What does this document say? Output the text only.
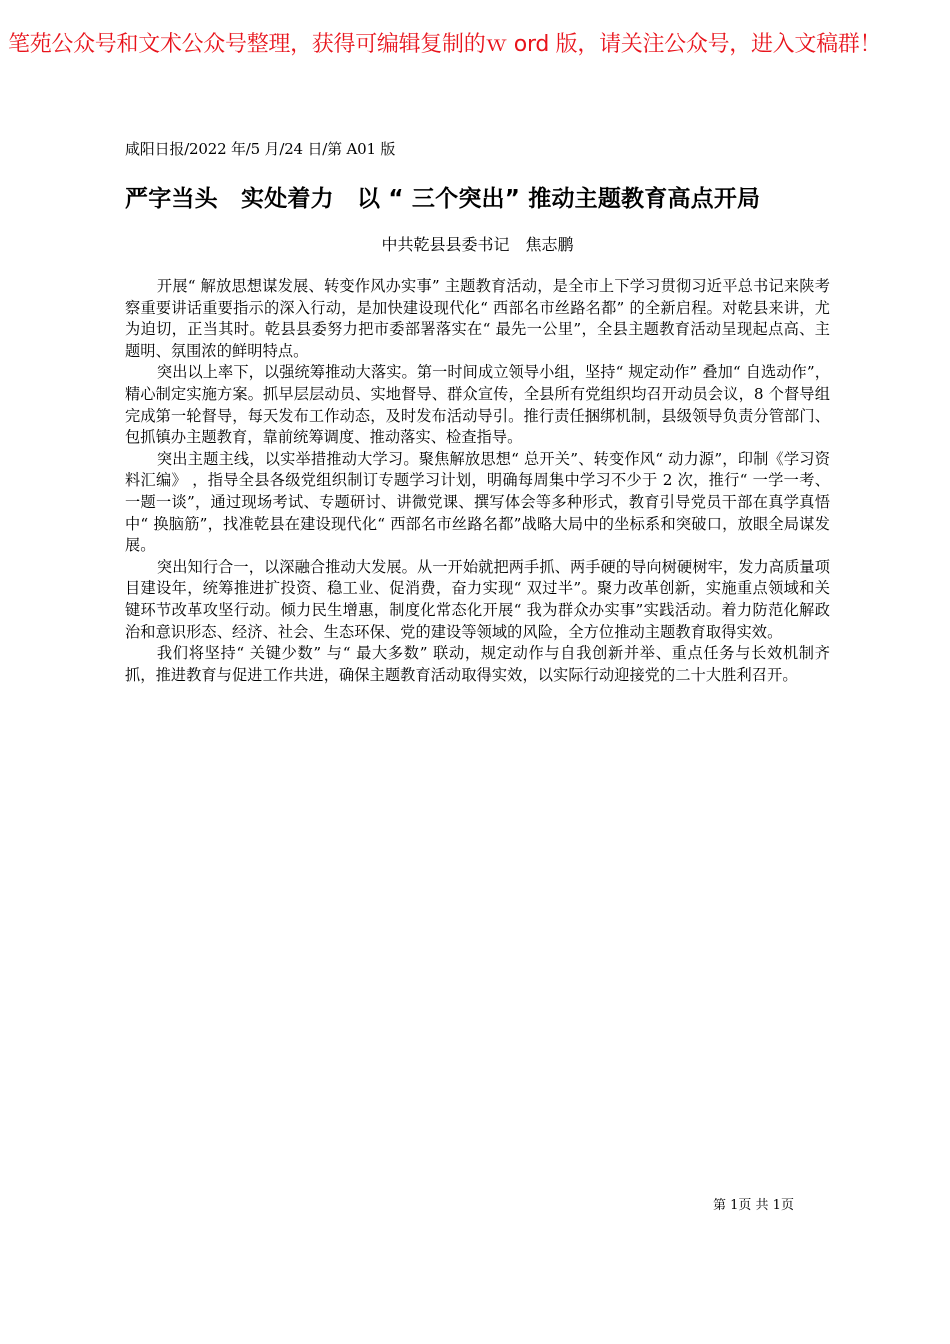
笔苑公众号和文术公众号整理，获得可编辑复制的ｗ ord 版，请关注公众号，进入文稿群！

咸阳日报/2022 年/5 月/24 日/第 A01 版

严字当头　实处着力　以 “ 三个突出” 推动主题教育高点开局

中共乾县县委书记　焦志鹏

开展“ 解放思想谋发展、转变作风办实事” 主题教育活动，是全市上下学习贯彻习近平总书记来陕考察重要讲话重要指示的深入行动，是加快建设现代化“ 西部名市丝路名都” 的全新启程。对乾县来讲，尤为迫切，正当其时。乾县县委努力把市委部署落实在“ 最先一公里”，全县主题教育活动呈现起点高、主题明、氛围浓的鲜明特点。

突出以上率下，以强统筹推动大落实。第一时间成立领导小组，坚持“ 规定动作” 叠加“ 自选动作”，精心制定实施方案。抓早层层动员、实地督导、群众宣传，全县所有党组织均召开动员会议，8 个督导组完成第一轮督导，每天发布工作动态，及时发布活动导引。推行责任捆绑机制，县级领导负责分管部门、包抓镇办主题教育，靠前统筹调度、推动落实、检查指导。

突出主题主线，以实举措推动大学习。聚焦解放思想“ 总开关”、转变作风“ 动力源”，印制《学习资料汇编》 ，指导全县各级党组织制订专题学习计划，明确每周集中学习不少于 2 次，推行“ 一学一考、一题一谈”，通过现场考试、专题研讨、讲微党课、撰写体会等多种形式，教育引导党员干部在真学真悟中“ 换脑筋”，找准乾县在建设现代化“ 西部名市丝路名都”战略大局中的坐标系和突破口，放眼全局谋发展。

突出知行合一，以深融合推动大发展。从一开始就把两手抓、两手硬的导向树硬树牢，发力高质量项目建设年，统筹推进扩投资、稳工业、促消费，奋力实现“ 双过半”。聚力改革创新，实施重点领域和关键环节改革攻坚行动。倾力民生增惠，制度化常态化开展“ 我为群众办实事”实践活动。着力防范化解政治和意识形态、经济、社会、生态环保、党的建设等领域的风险，全方位推动主题教育取得实效。

我们将坚持“ 关键少数” 与“ 最大多数” 联动，规定动作与自我创新并举、重点任务与长效机制齐抓，推进教育与促进工作共进，确保主题教育活动取得实效，以实际行动迎接党的二十大胜利召开。

第 1页 共 1页
